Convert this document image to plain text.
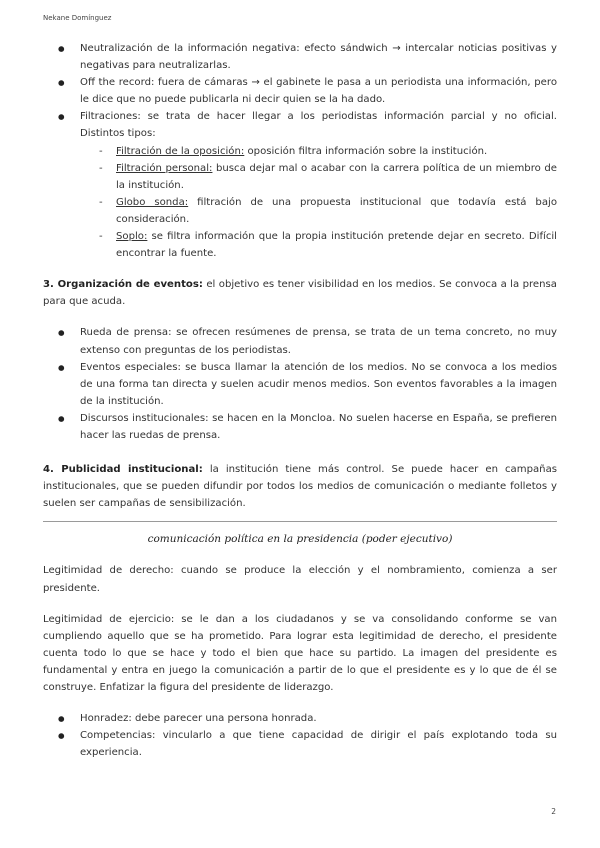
Nekane Domínguez
● Neutralización de la información negativa: efecto sándwich → intercalar noticias positivas y negativas para neutralizarlas.
● Off the record: fuera de cámaras → el gabinete le pasa a un periodista una información, pero le dice que no puede publicarla ni decir quien se la ha dado.
● Filtraciones: se trata de hacer llegar a los periodistas información parcial y no oficial. Distintos tipos:
- Filtración de la oposición: oposición filtra información sobre la institución.
- Filtración personal: busca dejar mal o acabar con la carrera política de un miembro de la institución.
- Globo sonda: filtración de una propuesta institucional que todavía está bajo consideración.
- Soplo: se filtra información que la propia institución pretende dejar en secreto. Difícil encontrar la fuente.

3. Organización de eventos: el objetivo es tener visibilidad en los medios. Se convoca a la prensa para que acuda.

● Rueda de prensa: se ofrecen resúmenes de prensa, se trata de un tema concreto, no muy extenso con preguntas de los periodistas.
● Eventos especiales: se busca llamar la atención de los medios. No se convoca a los medios de una forma tan directa y suelen acudir menos medios. Son eventos favorables a la imagen de la institución.
● Discursos institucionales: se hacen en la Moncloa. No suelen hacerse en España, se prefieren hacer las ruedas de prensa.

4. Publicidad institucional: la institución tiene más control. Se puede hacer en campañas institucionales, que se pueden difundir por todos los medios de comunicación o mediante folletos y suelen ser campañas de sensibilización.

comunicación política en la presidencia (poder ejecutivo)

Legitimidad de derecho: cuando se produce la elección y el nombramiento, comienza a ser presidente.

Legitimidad de ejercicio: se le dan a los ciudadanos y se va consolidando conforme se van cumpliendo aquello que se ha prometido. Para lograr esta legitimidad de derecho, el presidente cuenta todo lo que se hace y todo el bien que hace su partido. La imagen del presidente es fundamental y entra en juego la comunicación a partir de lo que el presidente es y lo que de él se construye. Enfatizar la figura del presidente de liderazgo.

● Honradez: debe parecer una persona honrada.
● Competencias: vincularlo a que tiene capacidad de dirigir el país explotando toda su experiencia.
2
